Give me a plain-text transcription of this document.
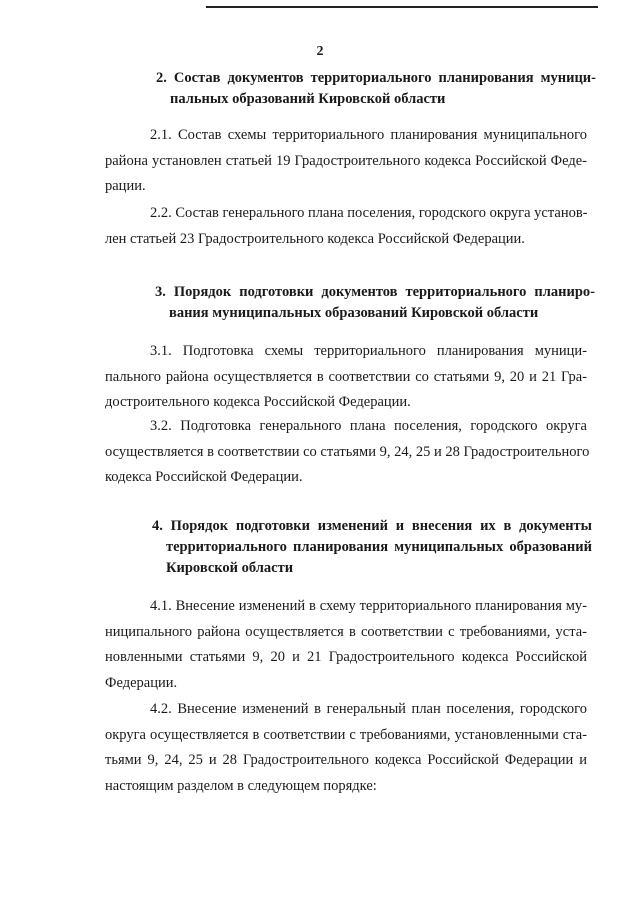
2
2. Состав документов территориального планирования муници-
пальных образований Кировской области
2.1. Состав схемы территориального планирования муниципального
района установлен статьей 19 Градостроительного кодекса Российской Феде-
рации.
2.2. Состав генерального плана поселения, городского округа установ-
лен статьей 23 Градостроительного кодекса Российской Федерации.
3. Порядок подготовки документов территориального планиро-
вания муниципальных образований Кировской области
3.1. Подготовка схемы территориального планирования муници-
пального района осуществляется в соответствии со статьями 9, 20 и 21 Гра-
достроительного кодекса Российской Федерации.
3.2. Подготовка генерального плана поселения, городского округа
осуществляется в соответствии со статьями 9, 24, 25 и 28 Градостроительного
кодекса Российской Федерации.
4. Порядок подготовки изменений и внесения их в документы
территориального планирования муниципальных образований
Кировской области
4.1. Внесение изменений в схему территориального планирования му-
ниципального района осуществляется в соответствии с требованиями, уста-
новленными статьями 9, 20 и 21 Градостроительного кодекса Российской
Федерации.
4.2. Внесение изменений в генеральный план поселения, городского
округа осуществляется в соответствии с требованиями, установленными ста-
тьями 9, 24, 25 и 28 Градостроительного кодекса Российской Федерации и
настоящим разделом в следующем порядке:
